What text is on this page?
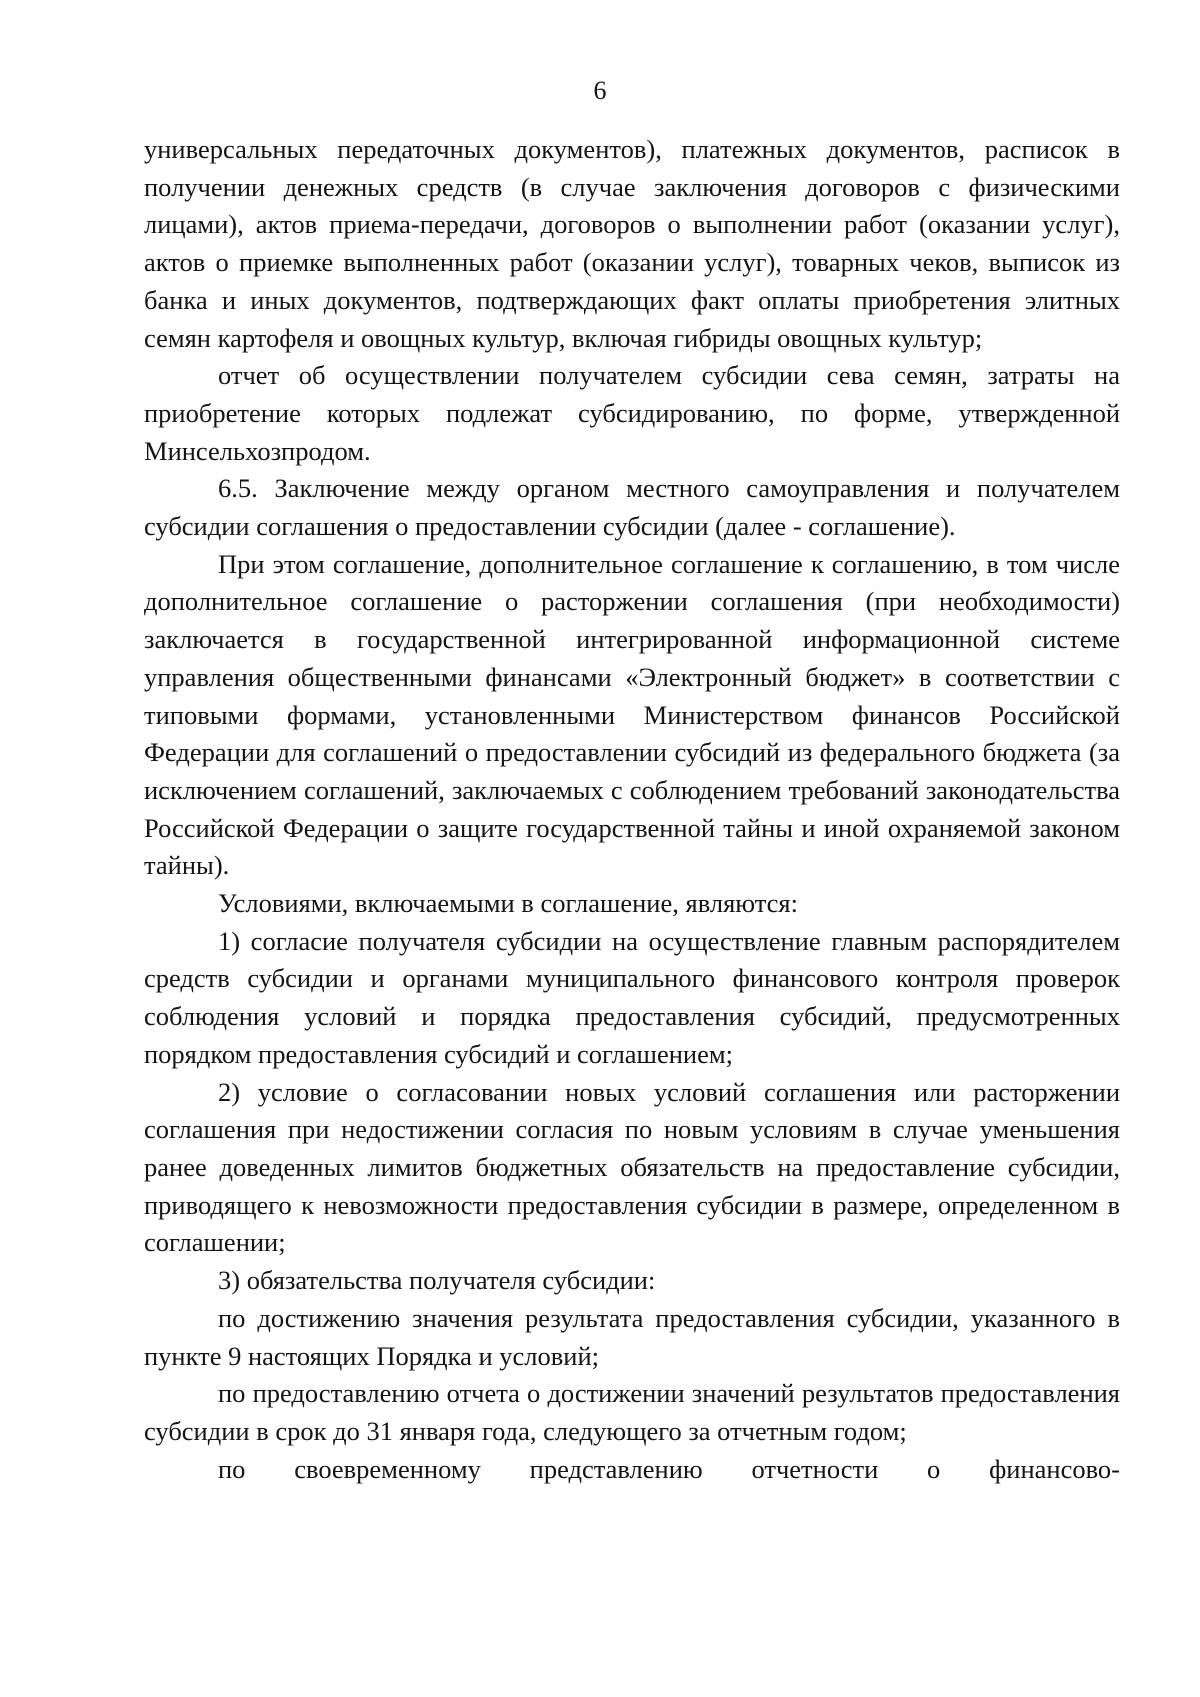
6

универсальных передаточных документов), платежных документов, расписок в получении денежных средств (в случае заключения договоров с физическими лицами), актов приема-передачи, договоров о выполнении работ (оказании услуг), актов о приемке выполненных работ (оказании услуг), товарных чеков, выписок из банка и иных документов, подтверждающих факт оплаты приобретения элитных семян картофеля и овощных культур, включая гибриды овощных культур;

отчет об осуществлении получателем субсидии сева семян, затраты на приобретение которых подлежат субсидированию, по форме, утвержденной Минсельхозпродом.

6.5. Заключение между органом местного самоуправления и получателем субсидии соглашения о предоставлении субсидии (далее - соглашение).

При этом соглашение, дополнительное соглашение к соглашению, в том числе дополнительное соглашение о расторжении соглашения (при необходимости) заключается в государственной интегрированной информационной системе управления общественными финансами «Электронный бюджет» в соответствии с типовыми формами, установленными Министерством финансов Российской Федерации для соглашений о предоставлении субсидий из федерального бюджета (за исключением соглашений, заключаемых с соблюдением требований законодательства Российской Федерации о защите государственной тайны и иной охраняемой законом тайны).

Условиями, включаемыми в соглашение, являются:

1) согласие получателя субсидии на осуществление главным распорядителем средств субсидии и органами муниципального финансового контроля проверок соблюдения условий и порядка предоставления субсидий, предусмотренных порядком предоставления субсидий и соглашением;

2) условие о согласовании новых условий соглашения или расторжении соглашения при недостижении согласия по новым условиям в случае уменьшения ранее доведенных лимитов бюджетных обязательств на предоставление субсидии, приводящего к невозможности предоставления субсидии в размере, определенном в соглашении;

3) обязательства получателя субсидии:

по достижению значения результата предоставления субсидии, указанного в пункте 9 настоящих Порядка и условий;

по предоставлению отчета о достижении значений результатов предоставления субсидии в срок до 31 января года, следующего за отчетным годом;

по своевременному представлению отчетности о финансово-
